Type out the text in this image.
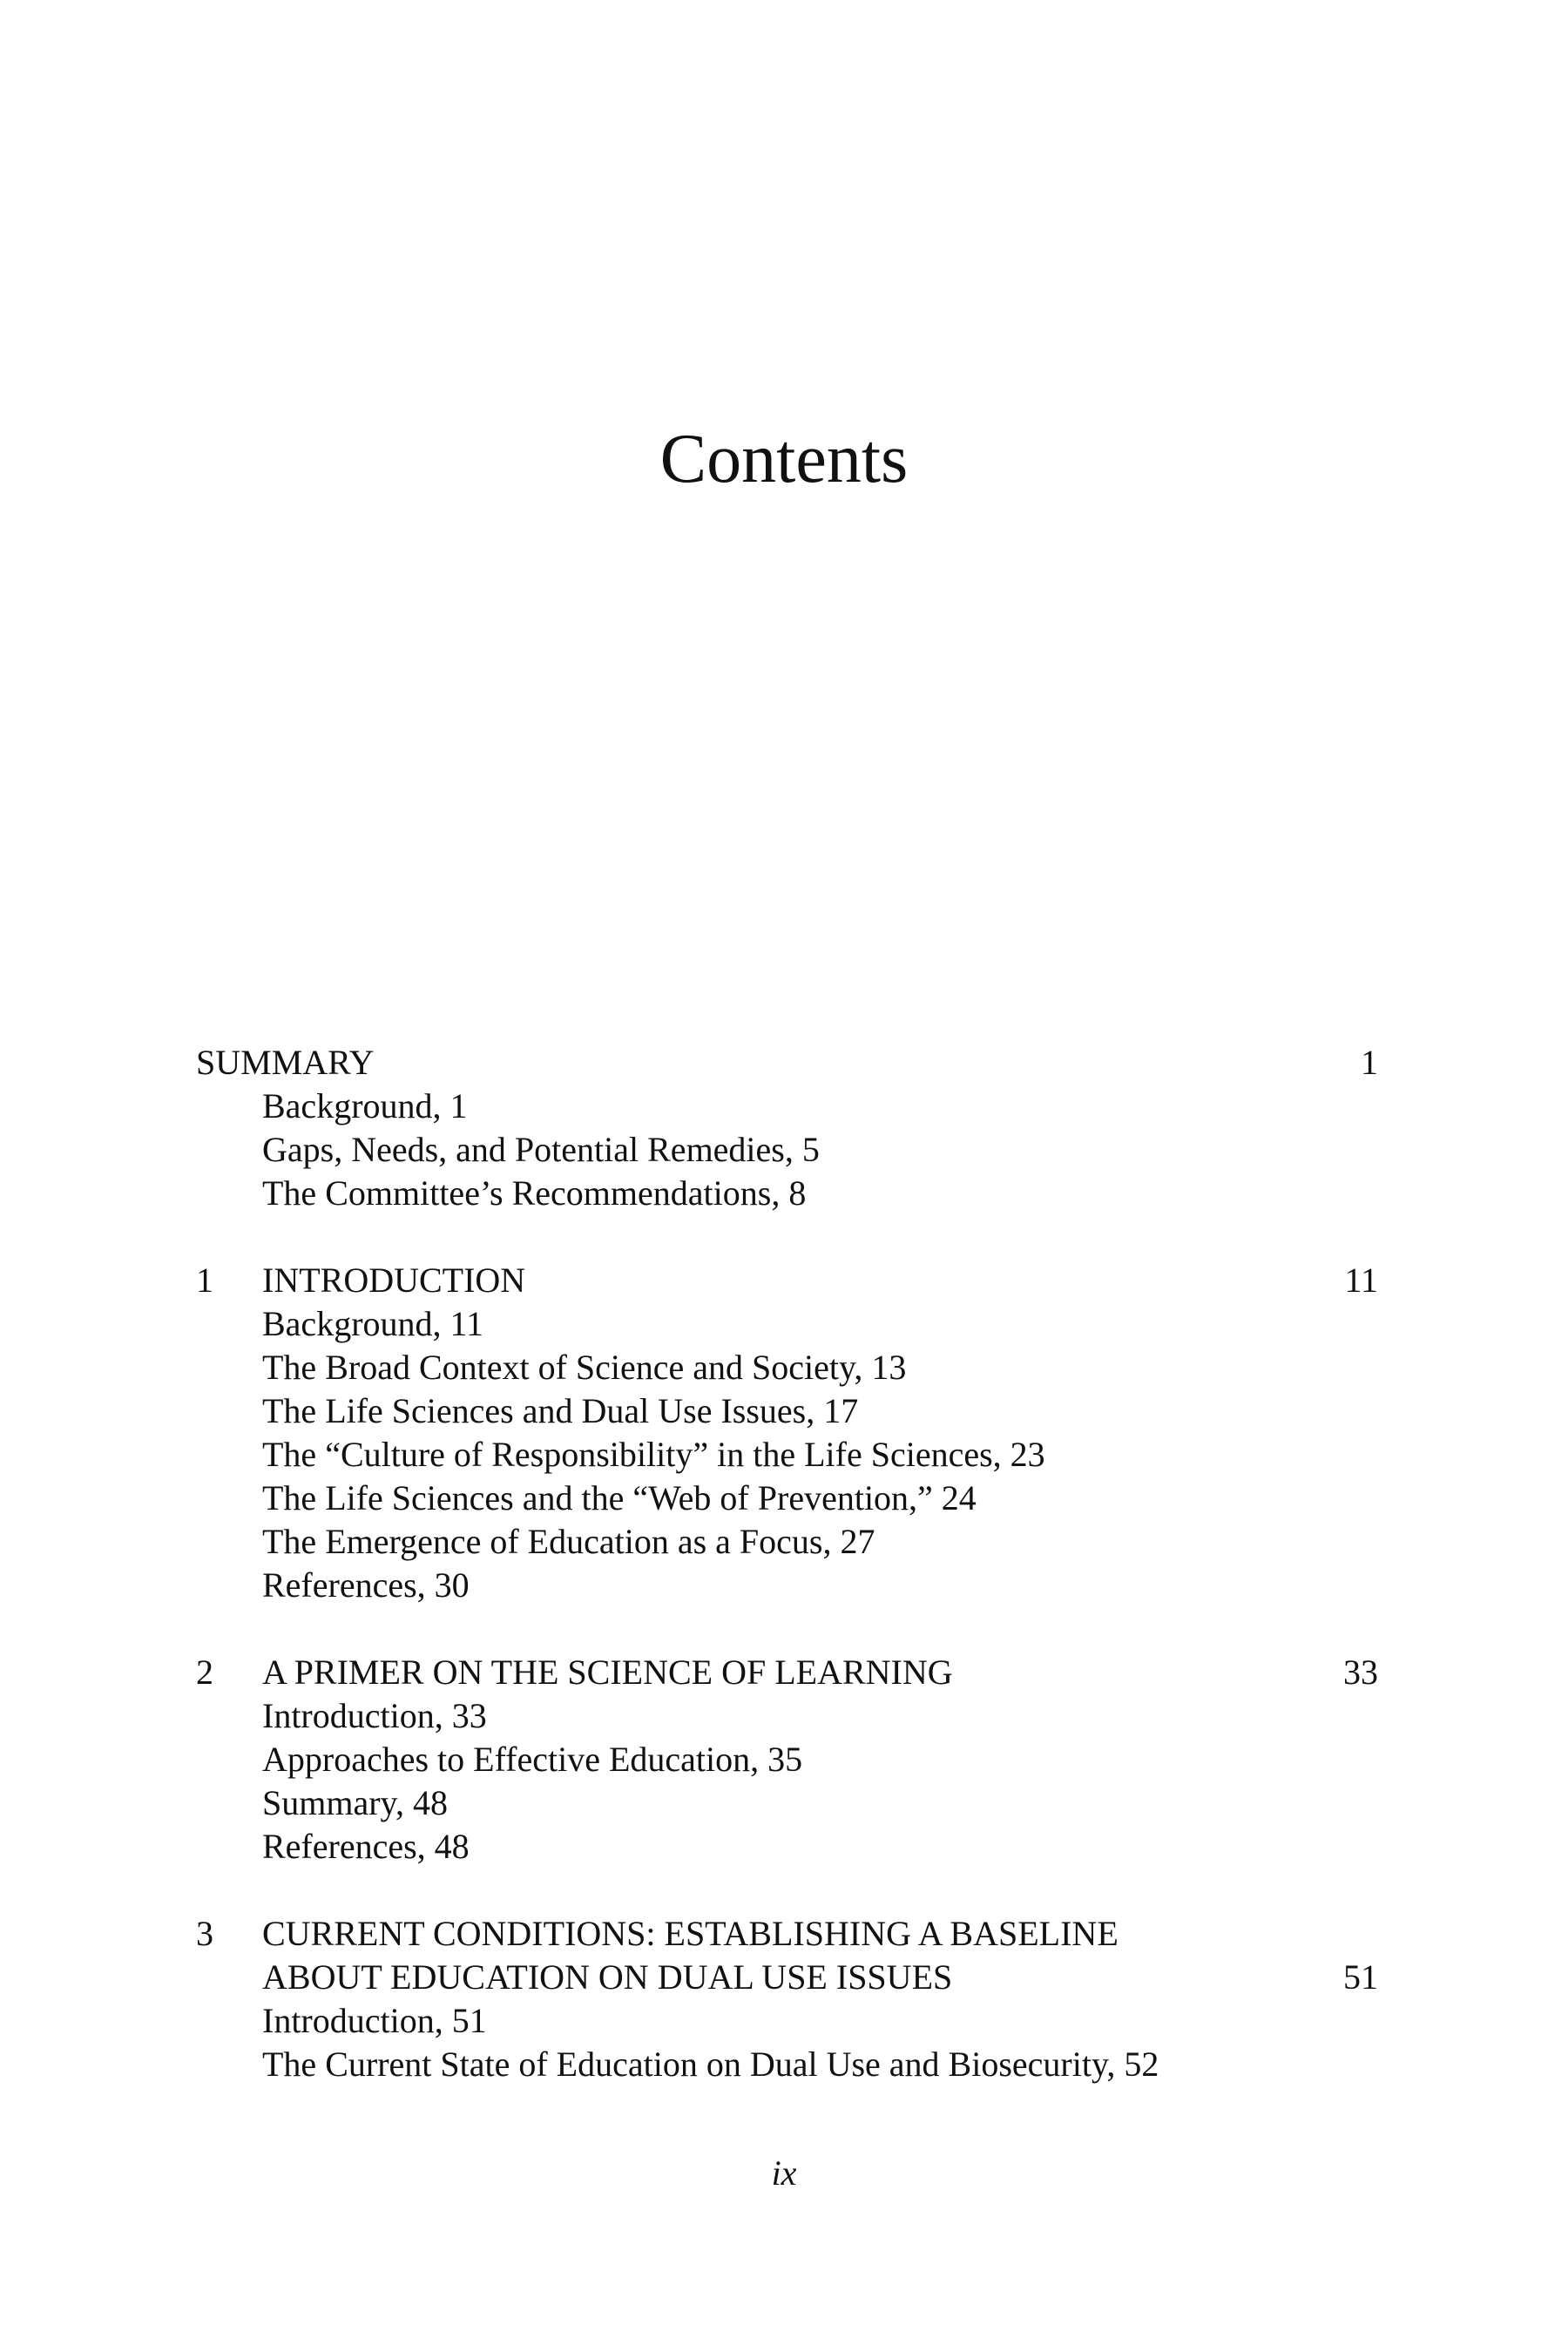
Contents
SUMMARY	1
Background, 1
Gaps, Needs, and Potential Remedies, 5
The Committee’s Recommendations, 8
1 INTRODUCTION	11
Background, 11
The Broad Context of Science and Society, 13
The Life Sciences and Dual Use Issues, 17
The “Culture of Responsibility” in the Life Sciences, 23
The Life Sciences and the “Web of Prevention,” 24
The Emergence of Education as a Focus, 27
References, 30
2 A PRIMER ON THE SCIENCE OF LEARNING	33
Introduction, 33
Approaches to Effective Education, 35
Summary, 48
References, 48
3 CURRENT CONDITIONS: ESTABLISHING A BASELINE
ABOUT EDUCATION ON DUAL USE ISSUES	51
Introduction, 51
The Current State of Education on Dual Use and Biosecurity, 52
ix
